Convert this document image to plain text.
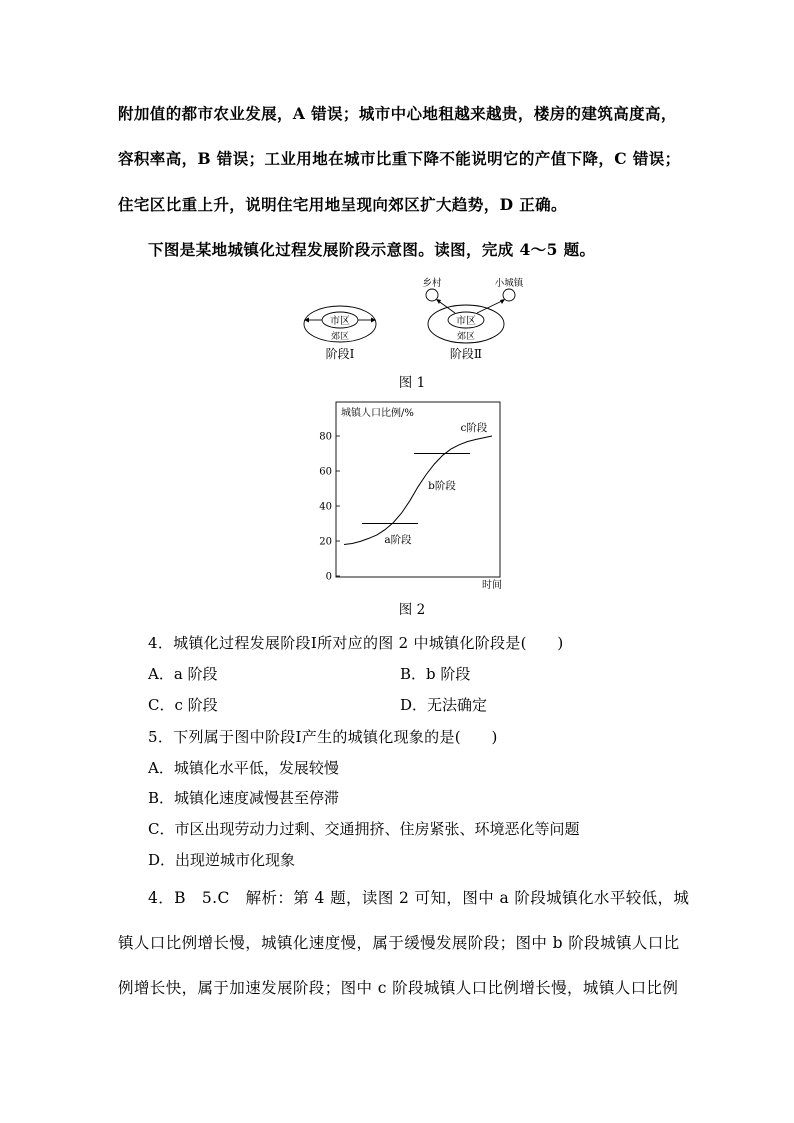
附加值的都市农业发展，A 错误；城市中心地租越来越贵，楼房的建筑高度高，
容积率高，B 错误；工业用地在城市比重下降不能说明它的产值下降，C 错误；
住宅区比重上升，说明住宅用地呈现向郊区扩大趋势，D 正确。
下图是某地城镇化过程发展阶段示意图。读图，完成 4～5 题。
市区
郊区
阶段Ⅰ
乡村	小城镇
市区
郊区
阶段Ⅱ
图 1
城镇人口比例/%
时间
0
20
40
60
80
a阶段
b阶段
c阶段
图 2
4．城镇化过程发展阶段Ⅰ所对应的图 2 中城镇化阶段是(　　)
A．a 阶段	B．b 阶段
C．c 阶段	D．无法确定
5．下列属于图中阶段Ⅰ产生的城镇化现象的是(　　)
A．城镇化水平低，发展较慢
B．城镇化速度减慢甚至停滞
C．市区出现劳动力过剩、交通拥挤、住房紧张、环境恶化等问题
D．出现逆城市化现象
4．B　5.C　解析：第 4 题，读图 2 可知，图中 a 阶段城镇化水平较低，城
镇人口比例增长慢，城镇化速度慢，属于缓慢发展阶段；图中 b 阶段城镇人口比
例增长快，属于加速发展阶段；图中 c 阶段城镇人口比例增长慢，城镇人口比例
